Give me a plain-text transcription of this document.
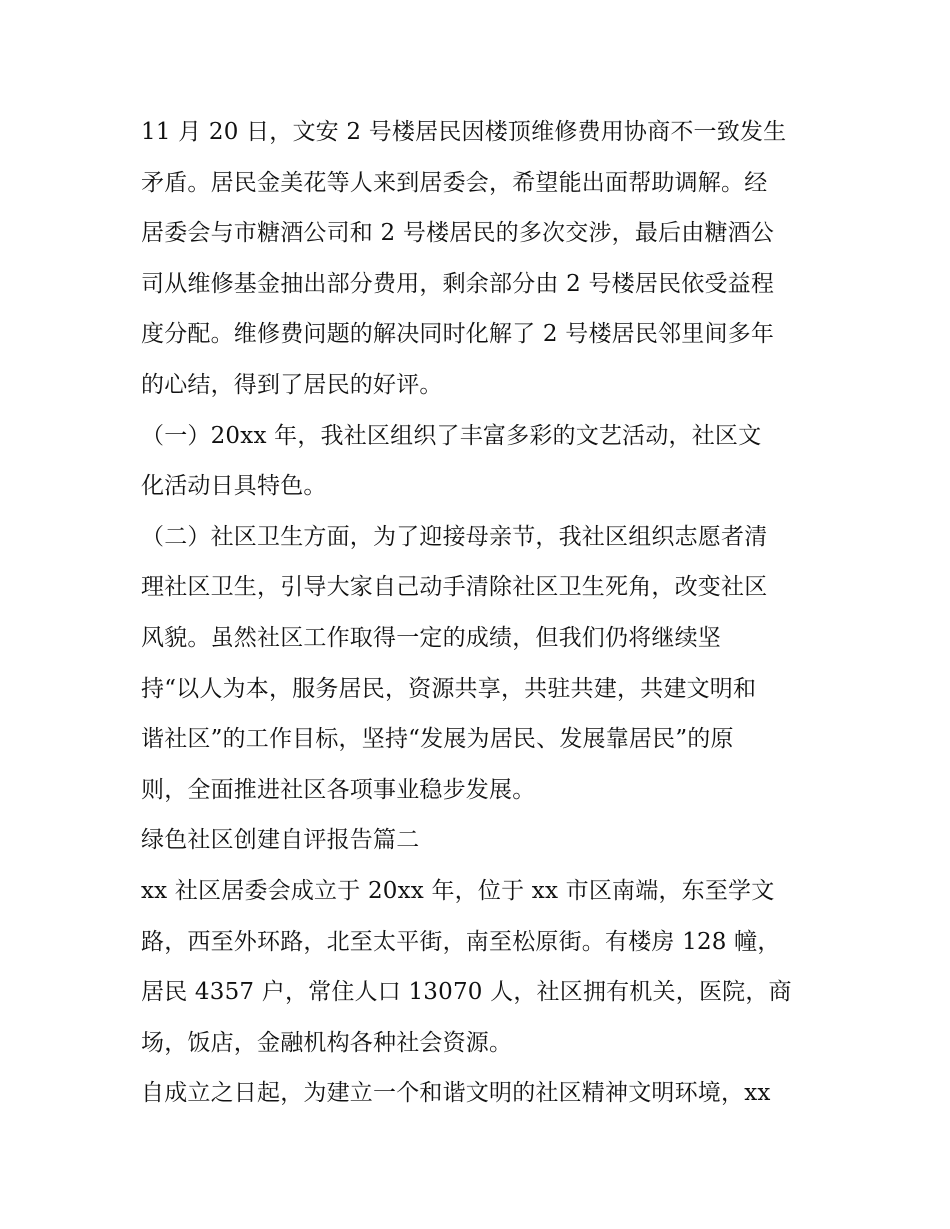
11 月 20 日，文安 2 号楼居民因楼顶维修费用协商不一致发生
矛盾。居民金美花等人来到居委会，希望能出面帮助调解。经
居委会与市糖酒公司和 2 号楼居民的多次交涉，最后由糖酒公
司从维修基金抽出部分费用，剩余部分由 2 号楼居民依受益程
度分配。维修费问题的解决同时化解了 2 号楼居民邻里间多年
的心结，得到了居民的好评。
（一）20xx 年，我社区组织了丰富多彩的文艺活动，社区文
化活动日具特色。
（二）社区卫生方面，为了迎接母亲节，我社区组织志愿者清
理社区卫生，引导大家自己动手清除社区卫生死角，改变社区
风貌。虽然社区工作取得一定的成绩，但我们仍将继续坚
持“以人为本，服务居民，资源共享，共驻共建，共建文明和
谐社区”的工作目标，坚持“发展为居民、发展靠居民”的原
则，全面推进社区各项事业稳步发展。
绿色社区创建自评报告篇二
xx 社区居委会成立于 20xx 年，位于 xx 市区南端，东至学文
路，西至外环路，北至太平街，南至松原街。有楼房 128 幢，
居民 4357 户，常住人口 13070 人，社区拥有机关，医院，商
场，饭店，金融机构各种社会资源。
自成立之日起，为建立一个和谐文明的社区精神文明环境，xx
